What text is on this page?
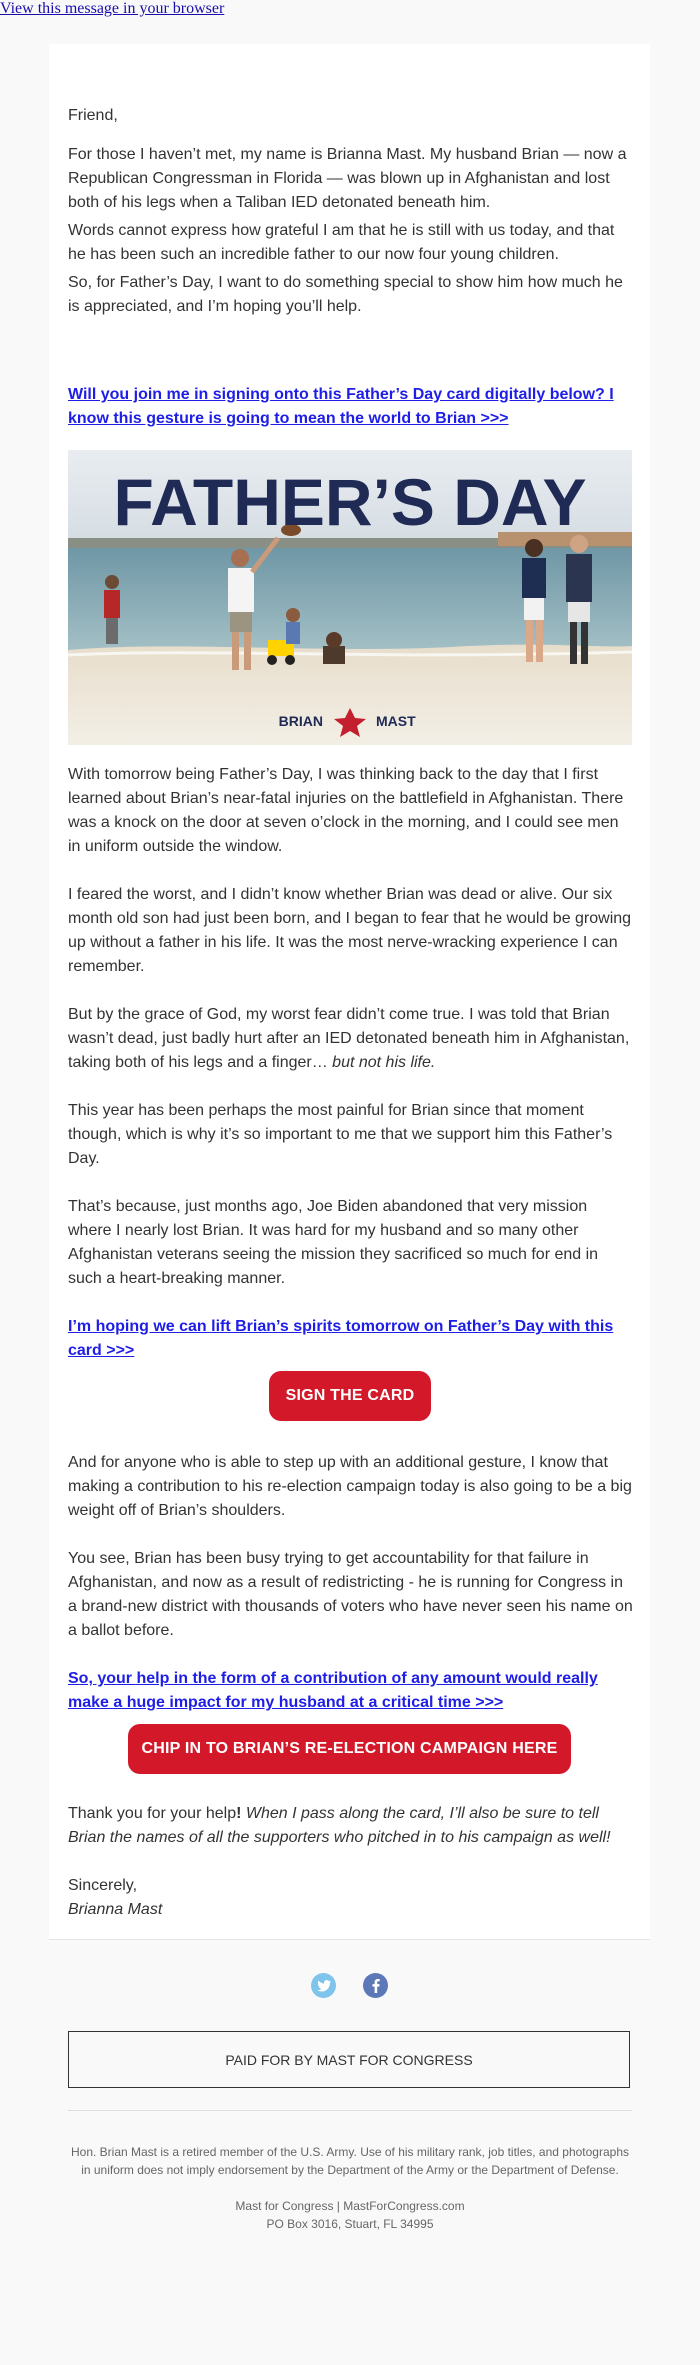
View this message in your browser

Friend,

For those I haven’t met, my name is Brianna Mast. My husband Brian — now a Republican Congressman in Florida — was blown up in Afghanistan and lost both of his legs when a Taliban IED detonated beneath him.

Words cannot express how grateful I am that he is still with us today, and that he has been such an incredible father to our now four young children.

So, for Father’s Day, I want to do something special to show him how much he is appreciated, and I’m hoping you’ll help.

Will you join me in signing onto this Father’s Day card digitally below? I know this gesture is going to mean the world to Brian >>>
FATHER’S DAY
BRIAN	MAST

With tomorrow being Father’s Day, I was thinking back to the day that I first learned about Brian’s near-fatal injuries on the battlefield in Afghanistan. There was a knock on the door at seven o’clock in the morning, and I could see men in uniform outside the window.

I feared the worst, and I didn’t know whether Brian was dead or alive. Our six month old son had just been born, and I began to fear that he would be growing up without a father in his life. It was the most nerve-wracking experience I can remember.

But by the grace of God, my worst fear didn’t come true. I was told that Brian wasn’t dead, just badly hurt after an IED detonated beneath him in Afghanistan, taking both of his legs and a finger… but not his life.

This year has been perhaps the most painful for Brian since that moment though, which is why it’s so important to me that we support him this Father’s Day.

That’s because, just months ago, Joe Biden abandoned that very mission where I nearly lost Brian. It was hard for my husband and so many other Afghanistan veterans seeing the mission they sacrificed so much for end in such a heart-breaking manner.

I’m hoping we can lift Brian’s spirits tomorrow on Father’s Day with this card >>>
SIGN THE CARD

And for anyone who is able to step up with an additional gesture, I know that making a contribution to his re-election campaign today is also going to be a big weight off of Brian’s shoulders.

You see, Brian has been busy trying to get accountability for that failure in Afghanistan, and now as a result of redistricting - he is running for Congress in a brand-new district with thousands of voters who have never seen his name on a ballot before.

So, your help in the form of a contribution of any amount would really make a huge impact for my husband at a critical time >>>
CHIP IN TO BRIAN’S RE-ELECTION CAMPAIGN HERE

Thank you for your help! When I pass along the card, I’ll also be sure to tell Brian the names of all the supporters who pitched in to his campaign as well!

Sincerely,

Brianna Mast

PAID FOR BY MAST FOR CONGRESS
Hon. Brian Mast is a retired member of the U.S. Army. Use of his military rank, job titles, and photographs in uniform does not imply endorsement by the Department of the Army or the Department of Defense.
Mast for Congress | MastForCongress.com
PO Box 3016, Stuart, FL 34995
